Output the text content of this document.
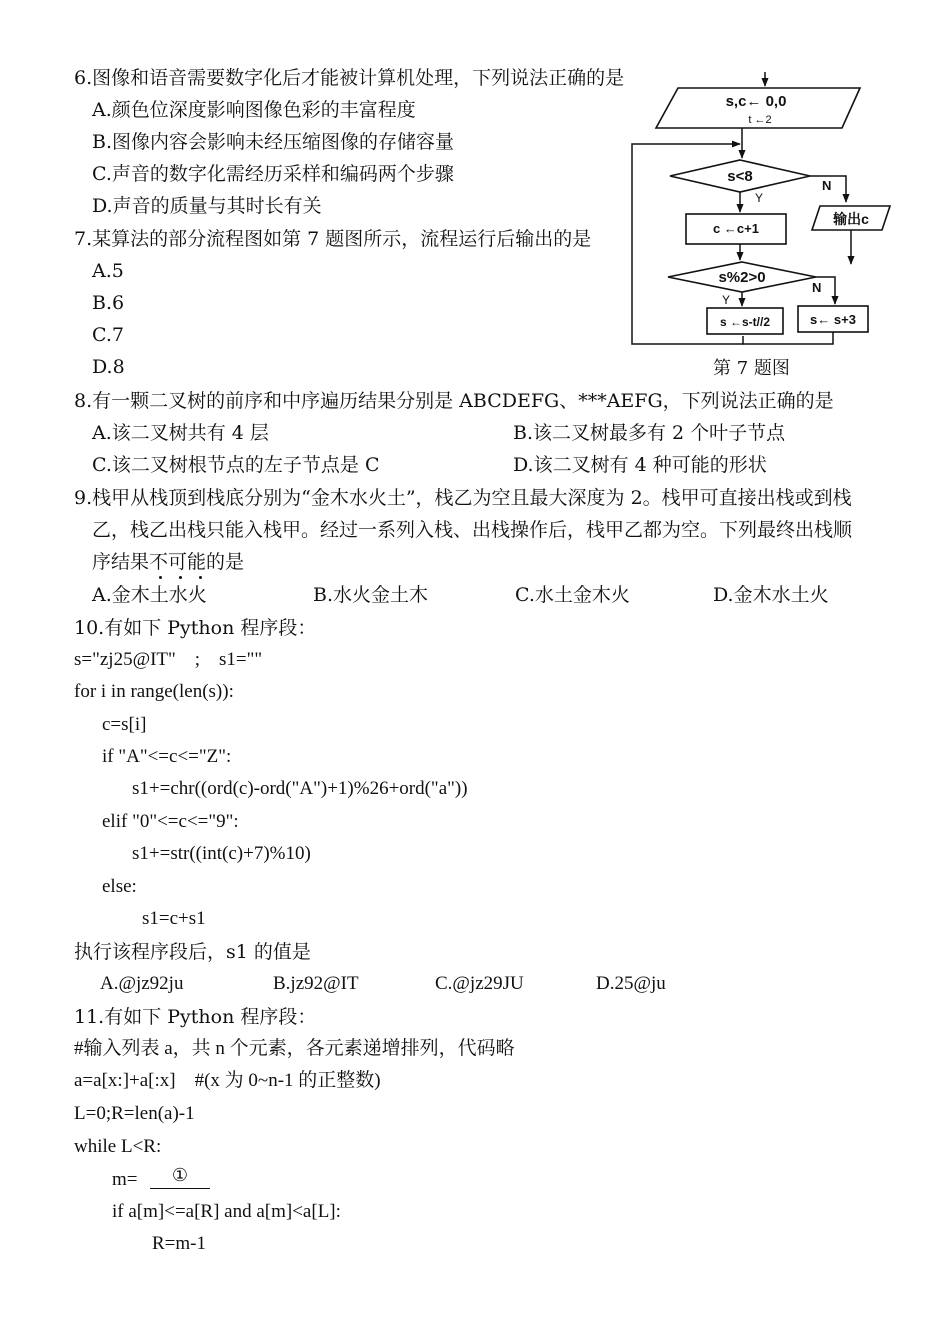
6.图像和语音需要数字化后才能被计算机处理，下列说法正确的是
A.颜色位深度影响图像色彩的丰富程度
B.图像内容会影响未经压缩图像的存储容量
C.声音的数字化需经历采样和编码两个步骤
D.声音的质量与其时长有关
7.某算法的部分流程图如第 7 题图所示，流程运行后输出的是
A.5
B.6
C.7
D.8
s,c← 0,0
t ←2
s<8
Y
N
输出c
c ←c+1
s%2>0
Y
N
s ←s-t//2	s← s+3
第 7 题图
8.有一颗二叉树的前序和中序遍历结果分别是 ABCDEFG、***AEFG，下列说法正确的是
A.该二叉树共有 4 层	B.该二叉树最多有 2 个叶子节点
C.该二叉树根节点的左子节点是 C	D.该二叉树有 4 种可能的形状
9.栈甲从栈顶到栈底分别为“金木水火土”，栈乙为空且最大深度为 2。栈甲可直接出栈或到栈
乙，栈乙出栈只能入栈甲。经过一系列入栈、出栈操作后，栈甲乙都为空。下列最终出栈顺
序结果不可能的是
A.金木土水火	B.水火金土木	C.水土金木火	D.金木水土火
10.有如下 Python 程序段：
s="zj25@IT"    ;    s1=""
for i in range(len(s)):
c=s[i]
if "A"<=c<="Z":
s1+=chr((ord(c)-ord("A")+1)%26+ord("a"))
elif "0"<=c<="9":
s1+=str((int(c)+7)%10)
else:
s1=c+s1
执行该程序段后，s1 的值是
A.@jz92ju	B.jz92@IT	C.@jz29JU	D.25@ju
11.有如下 Python 程序段：
#输入列表 a，共 n 个元素，各元素递增排列，代码略
a=a[x:]+a[:x]    #(x 为 0~n-1 的正整数)
L=0;R=len(a)-1
while L<R:
m=	①
if a[m]<=a[R] and a[m]<a[L]:
R=m-1
